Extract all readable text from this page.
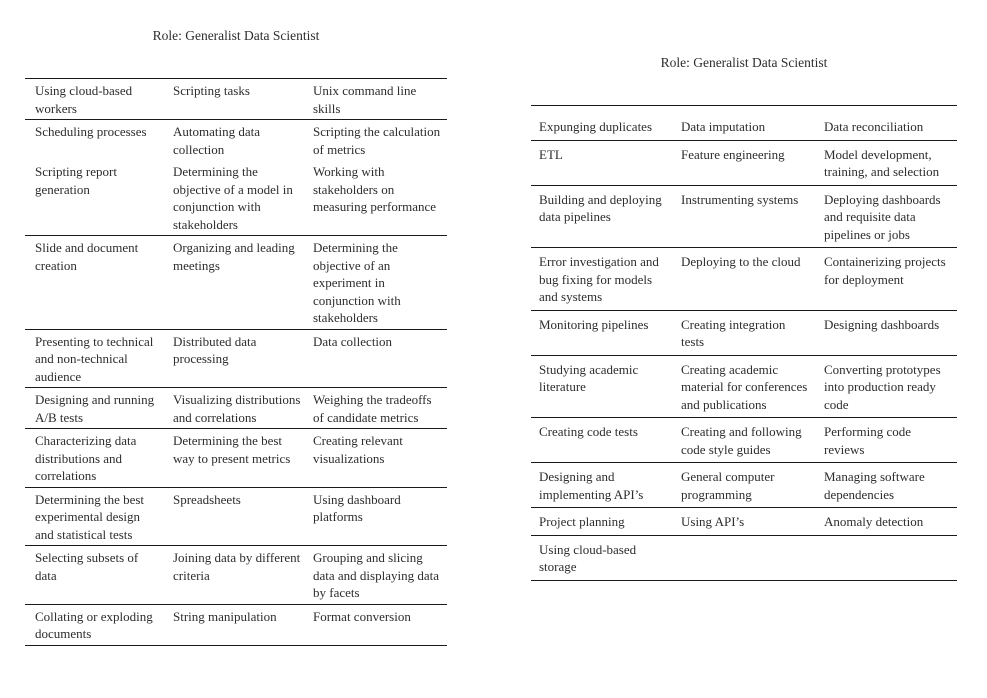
Role: Generalist Data Scientist
Using cloud-based workers	Scripting tasks	Unix command line skills
Scheduling processes	Automating data collection	Scripting the calculation of metrics
Scripting report generation	Determining the objective of a model in conjunction with stakeholders	Working with stakeholders on measuring performance
Slide and document creation	Organizing and leading meetings	Determining the objective of an experiment in conjunction with stakeholders
Presenting to technical and non-technical audience	Distributed data processing	Data collection
Designing and running A/B tests	Visualizing distributions and correlations	Weighing the tradeoffs of candidate metrics
Characterizing data distributions and correlations	Determining the best way to present metrics	Creating relevant visualizations
Determining the best experimental design and statistical tests	Spreadsheets	Using dashboard platforms
Selecting subsets of data	Joining data by different criteria	Grouping and slicing data and displaying data by facets
Collating or exploding documents	String manipulation	Format conversion
Role: Generalist Data Scientist
Expunging duplicates	Data imputation	Data reconciliation
ETL	Feature engineering	Model development, training, and selection
Building and deploying data pipelines	Instrumenting systems	Deploying dashboards and requisite data pipelines or jobs
Error investigation and bug fixing for models and systems	Deploying to the cloud	Containerizing projects for deployment
Monitoring pipelines	Creating integration tests	Designing dashboards
Studying academic literature	Creating academic material for conferences and publications	Converting prototypes into production ready code
Creating code tests	Creating and following code style guides	Performing code reviews
Designing and implementing API’s	General computer programming	Managing software dependencies
Project planning	Using API’s	Anomaly detection
Using cloud-based storage		
